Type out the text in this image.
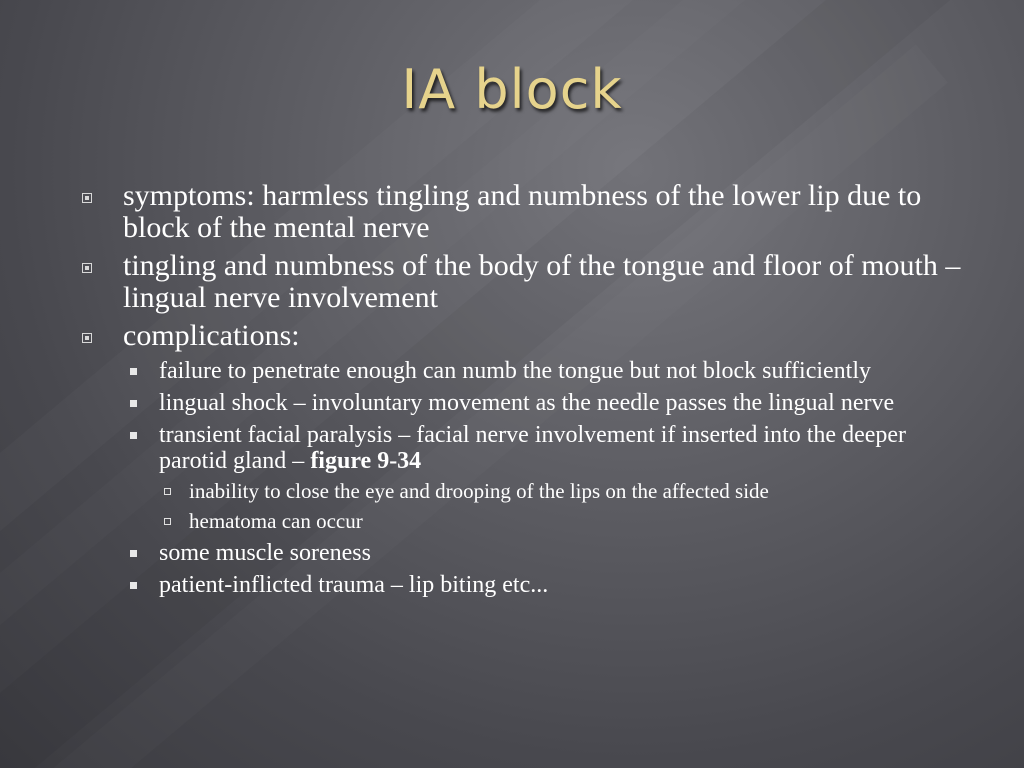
IA block
symptoms: harmless tingling and numbness of the lower lip due to block of the mental nerve
tingling and numbness of the body of the tongue and floor of mouth – lingual nerve involvement
complications:
failure to penetrate enough can numb the tongue but not block sufficiently
lingual shock – involuntary movement as the needle passes the lingual nerve
transient facial paralysis – facial nerve involvement if inserted into the deeper parotid gland – figure 9-34
inability to close the eye and drooping of the lips on the affected side
hematoma can occur
some muscle soreness
patient-inflicted trauma – lip biting etc...
